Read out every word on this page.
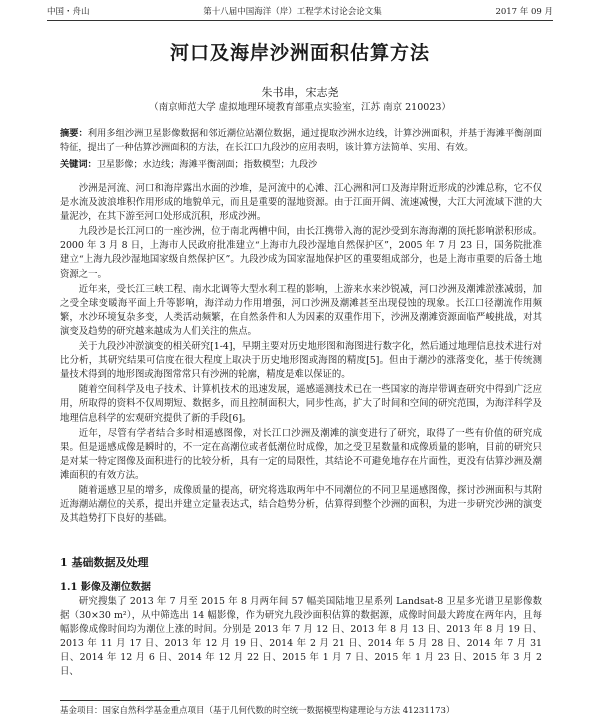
中国・舟山	第十八届中国海洋（岸）工程学术讨论会论文集	2017 年 09 月
河口及海岸沙洲面积估算方法
朱书串，宋志尧
（南京师范大学 虚拟地理环境教育部重点实验室，江苏 南京 210023）
摘要：利用多组沙洲卫星影像数据和邻近潮位站潮位数据，通过提取沙洲水边线，计算沙洲面积，并基于海滩平衡剖面特征，提出了一种估算沙洲面积的方法，在长江口九段沙的应用表明，该计算方法简单、实用、有效。
关键词：卫星影像；水边线；海滩平衡剖面；指数模型；九段沙

沙洲是河流、河口和海岸露出水面的沙堆，是河流中的心滩、江心洲和河口及海岸附近形成的沙滩总称，它不仅是水流及波浪堆积作用形成的地貌单元，而且是重要的湿地资源。由于江面开阔、流速减慢，大江大河流域下泄的大量泥沙，在其下游至河口处形成沉积，形成沙洲。

九段沙是长江河口的一座沙洲，位于南北两槽中间，由长江携带入海的泥沙受到东海海潮的顶托影响淤积形成。2000 年 3 月 8 日，上海市人民政府批准建立“上海市九段沙湿地自然保护区”，2005 年 7 月 23 日，国务院批准建立“上海九段沙湿地国家级自然保护区”。九段沙成为国家湿地保护区的重要组成部分，也是上海市重要的后备土地资源之一。

近年来，受长江三峡工程、南水北调等大型水利工程的影响，上游来水来沙锐减，河口沙洲及潮滩淤涨减弱，加之受全球变暖海平面上升等影响，海洋动力作用增强，河口沙洲及潮滩甚至出现侵蚀的现象。长江口径潮流作用频繁，水沙环境复杂多变，人类活动频繁，在自然条件和人为因素的双重作用下，沙洲及潮滩资源面临严峻挑战，对其演变及趋势的研究越来越成为人们关注的焦点。

关于九段沙冲淤演变的相关研究[1-4]，早期主要对历史地形图和海图进行数字化，然后通过地理信息技术进行对比分析，其研究结果可信度在很大程度上取决于历史地形图或海图的精度[5]。但由于潮沙的涨落变化，基于传统测量技术得到的地形图或海图常常只有沙洲的轮廓，精度是难以保证的。

随着空间科学及电子技术、计算机技术的迅速发展，遥感遥测技术已在一些国家的海岸带调查研究中得到广泛应用，所取得的资料不仅周期短、数据多，而且控制面积大，同步性高，扩大了时间和空间的研究范围，为海洋科学及地理信息科学的宏观研究提供了新的手段[6]。

近年，尽管有学者结合多时相遥感图像，对长江口沙洲及潮滩的演变进行了研究，取得了一些有价值的研究成果。但是遥感成像是瞬时的，不一定在高潮位或者低潮位时成像，加之受卫星数量和成像质量的影响，目前的研究只是对某一特定图像及面积进行的比较分析，具有一定的局限性，其结论不可避免地存在片面性，更没有估算沙洲及潮滩面积的有效方法。

随着遥感卫星的增多，成像质量的提高，研究将选取两年中不同潮位的不同卫星遥感图像，探讨沙洲面积与其附近海潮站潮位的关系，提出并建立定量表达式，结合趋势分析，估算得到整个沙洲的面积，为进一步研究沙洲的演变及其趋势打下良好的基础。

1 基础数据及处理
1.1 影像及潮位数据

研究搜集了 2013 年 7 月至 2015 年 8 月两年间 57 幅美国陆地卫星系列 Landsat-8 卫星多光谱卫星影像数据（30×30 m²），从中筛选出 14 幅影像，作为研究九段沙面积估算的数据源，成像时间最大跨度在两年内，且每幅影像成像时间均为潮位上涨的时间。分别是 2013 年 7 月 12 日、2013 年 8 月 13 日、2013 年 8 月 19 日、2013 年 11 月 17 日、2013 年 12 月 19 日、2014 年 2 月 21 日、2014 年 5 月 28 日、2014 年 7 月 31 日、2014 年 12 月 6 日、2014 年 12 月 22 日、2015 年 1 月 7 日、2015 年 1 月 23 日、2015 年 3 月 2 日、

基金项目：国家自然科学基金重点项目（基于几何代数的时空统一数据模型构建理论与方法 41231173）
